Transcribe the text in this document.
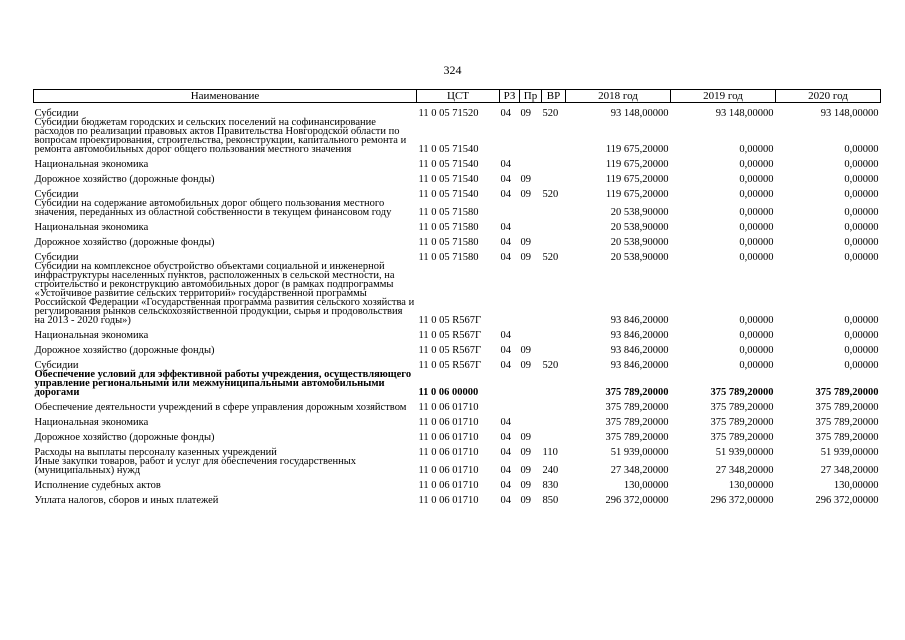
324
Наименование	ЦСТ	РЗ	Пр	ВР	2018 год	2019 год	2020 год
Субсидии	11 0 05 71520	04	09	520	93 148,00000	93 148,00000	93 148,00000
Субсидии бюджетам городских и сельских поселений на софинансирование расходов по реализации правовых актов Правительства Новгородской области по вопросам проектирования, строительства, реконструкции, капитального ремонта и ремонта автомобильных дорог общего пользования местного значения	11 0 05 71540				119 675,20000	0,00000	0,00000
Национальная экономика	11 0 05 71540	04			119 675,20000	0,00000	0,00000
Дорожное хозяйство (дорожные фонды)	11 0 05 71540	04	09		119 675,20000	0,00000	0,00000
Субсидии	11 0 05 71540	04	09	520	119 675,20000	0,00000	0,00000
Субсидии на содержание автомобильных дорог общего пользования местного значения, переданных из областной собственности в текущем финансовом году	11 0 05 71580				20 538,90000	0,00000	0,00000
Национальная экономика	11 0 05 71580	04			20 538,90000	0,00000	0,00000
Дорожное хозяйство (дорожные фонды)	11 0 05 71580	04	09		20 538,90000	0,00000	0,00000
Субсидии	11 0 05 71580	04	09	520	20 538,90000	0,00000	0,00000
Субсидии на комплексное обустройство объектами социальной и инженерной инфраструктуры населенных пунктов, расположенных в сельской местности, на строительство и реконструкцию автомобильных дорог (в рамках подпрограммы «Устойчивое развитие сельских территорий» государственной программы Российской Федерации «Государственная программа развития сельского хозяйства и регулирования рынков сельскохозяйственной продукции, сырья и продовольствия на 2013 - 2020 годы»)	11 0 05 R567Г				93 846,20000	0,00000	0,00000
Национальная экономика	11 0 05 R567Г	04			93 846,20000	0,00000	0,00000
Дорожное хозяйство (дорожные фонды)	11 0 05 R567Г	04	09		93 846,20000	0,00000	0,00000
Субсидии	11 0 05 R567Г	04	09	520	93 846,20000	0,00000	0,00000
Обеспечение условий для эффективной работы учреждения, осуществляющего управление региональными или межмуниципальными автомобильными дорогами	11 0 06 00000				375 789,20000	375 789,20000	375 789,20000
Обеспечение деятельности учреждений в сфере управления дорожным хозяйством	11 0 06 01710				375 789,20000	375 789,20000	375 789,20000
Национальная экономика	11 0 06 01710	04			375 789,20000	375 789,20000	375 789,20000
Дорожное хозяйство (дорожные фонды)	11 0 06 01710	04	09		375 789,20000	375 789,20000	375 789,20000
Расходы на выплаты персоналу казенных учреждений	11 0 06 01710	04	09	110	51 939,00000	51 939,00000	51 939,00000
Иные закупки товаров, работ и услуг для обеспечения государственных (муниципальных) нужд	11 0 06 01710	04	09	240	27 348,20000	27 348,20000	27 348,20000
Исполнение судебных актов	11 0 06 01710	04	09	830	130,00000	130,00000	130,00000
Уплата налогов, сборов и иных платежей	11 0 06 01710	04	09	850	296 372,00000	296 372,00000	296 372,00000
